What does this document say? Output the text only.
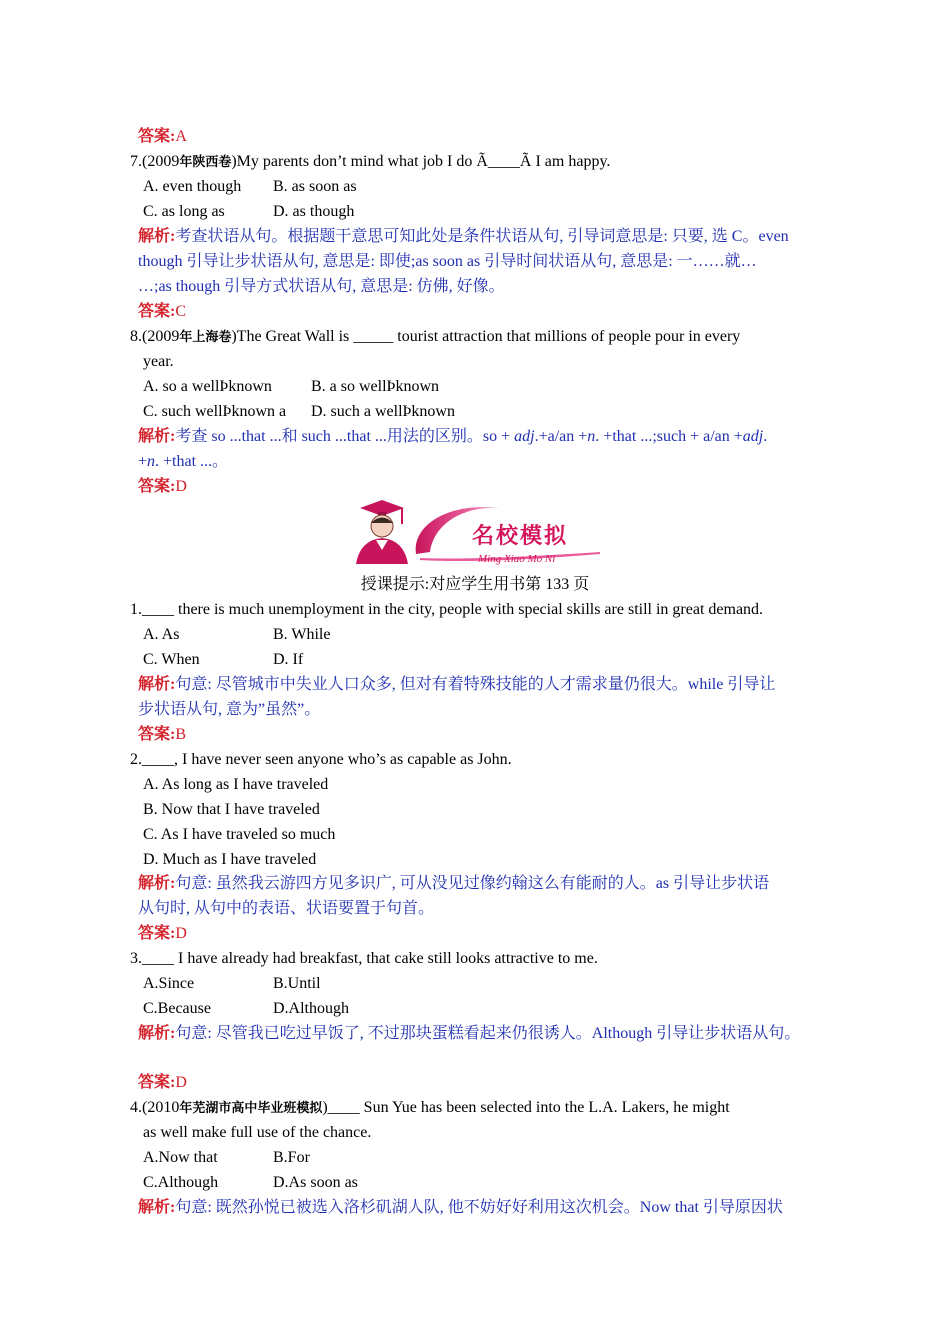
答案:A
7.(2009年陕西卷)My parents don’t mind what job I do Ã____Ã I am happy.
A. even though B. as soon as
C. as long as	D. as though
解析:考查状语从句。根据题干意思可知此处是条件状语从句, 引导词意思是: 只要, 选 C。even
though 引导让步状语从句, 意思是: 即使;as soon as 引导时间状语从句, 意思是: 一……就…
…;as though 引导方式状语从句, 意思是: 仿佛, 好像。
答案:C
8.(2009年上海卷)The Great Wall is _____ tourist attraction that millions of people pour in every
year.
A. so a wellÞknown B. a so wellÞknown
C. such wellÞknown a D. such a wellÞknown
解析:考查 so ...that ...和 such ...that ...用法的区别。so + adj.+a/an +n. +that ...;such + a/an +adj.
+n. +that ...。
答案:D
名校模拟
Ming Xiao Mo Ni
授课提示:对应学生用书第 133 页
1.____ there is much unemployment in the city, people with special skills are still in great demand.
A. As	B. While
C. When	D. If
解析:句意: 尽管城市中失业人口众多, 但对有着特殊技能的人才需求量仍很大。while 引导让
步状语从句, 意为”虽然”。
答案:B
2.____, I have never seen anyone who’s as capable as John.
A. As long as I have traveled
B. Now that I have traveled
C. As I have traveled so much
D. Much as I have traveled
解析:句意: 虽然我云游四方见多识广, 可从没见过像约翰这么有能耐的人。as 引导让步状语
从句时, 从句中的表语、状语要置于句首。
答案:D
3.____ I have already had breakfast, that cake still looks attractive to me.
A.Since	B.Until
C.Because	D.Although
解析:句意: 尽管我已吃过早饭了, 不过那块蛋糕看起来仍很诱人。Although 引导让步状语从句。
答案:D
4.(2010年芜湖市高中毕业班模拟)____ Sun Yue has been selected into the L.A. Lakers, he might
as well make full use of the chance.
A.Now that	B.For
C.Although	D.As soon as
解析:句意: 既然孙悦已被选入洛杉矶湖人队, 他不妨好好利用这次机会。Now that 引导原因状
